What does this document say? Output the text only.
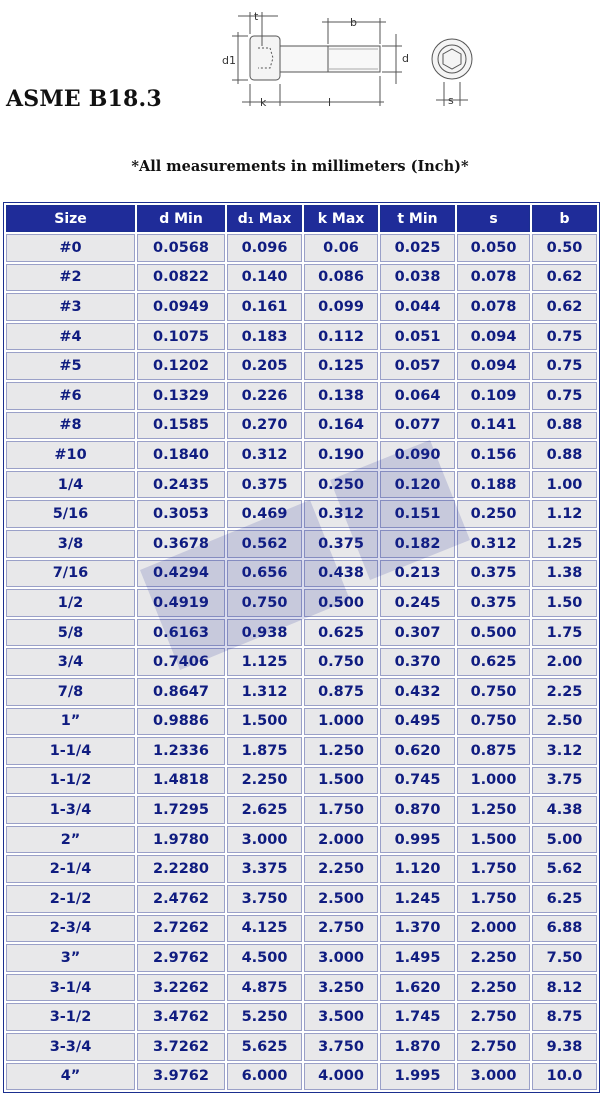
ASME B18.3
t	b
d1	d
k	l	s
*All measurements in millimeters (Inch)*
Size	d Min	d₁ Max	k Max	t Min	s	b
#0	0.0568	0.096	0.06	0.025	0.050	0.50
#2	0.0822	0.140	0.086	0.038	0.078	0.62
#3	0.0949	0.161	0.099	0.044	0.078	0.62
#4	0.1075	0.183	0.112	0.051	0.094	0.75
#5	0.1202	0.205	0.125	0.057	0.094	0.75
#6	0.1329	0.226	0.138	0.064	0.109	0.75
#8	0.1585	0.270	0.164	0.077	0.141	0.88
#10	0.1840	0.312	0.190	0.090	0.156	0.88
1/4	0.2435	0.375	0.250	0.120	0.188	1.00
5/16	0.3053	0.469	0.312	0.151	0.250	1.12
3/8	0.3678	0.562	0.375	0.182	0.312	1.25
7/16	0.4294	0.656	0.438	0.213	0.375	1.38
1/2	0.4919	0.750	0.500	0.245	0.375	1.50
5/8	0.6163	0.938	0.625	0.307	0.500	1.75
3/4	0.7406	1.125	0.750	0.370	0.625	2.00
7/8	0.8647	1.312	0.875	0.432	0.750	2.25
1”	0.9886	1.500	1.000	0.495	0.750	2.50
1-1/4	1.2336	1.875	1.250	0.620	0.875	3.12
1-1/2	1.4818	2.250	1.500	0.745	1.000	3.75
1-3/4	1.7295	2.625	1.750	0.870	1.250	4.38
2”	1.9780	3.000	2.000	0.995	1.500	5.00
2-1/4	2.2280	3.375	2.250	1.120	1.750	5.62
2-1/2	2.4762	3.750	2.500	1.245	1.750	6.25
2-3/4	2.7262	4.125	2.750	1.370	2.000	6.88
3”	2.9762	4.500	3.000	1.495	2.250	7.50
3-1/4	3.2262	4.875	3.250	1.620	2.250	8.12
3-1/2	3.4762	5.250	3.500	1.745	2.750	8.75
3-3/4	3.7262	5.625	3.750	1.870	2.750	9.38
4”	3.9762	6.000	4.000	1.995	3.000	10.0
